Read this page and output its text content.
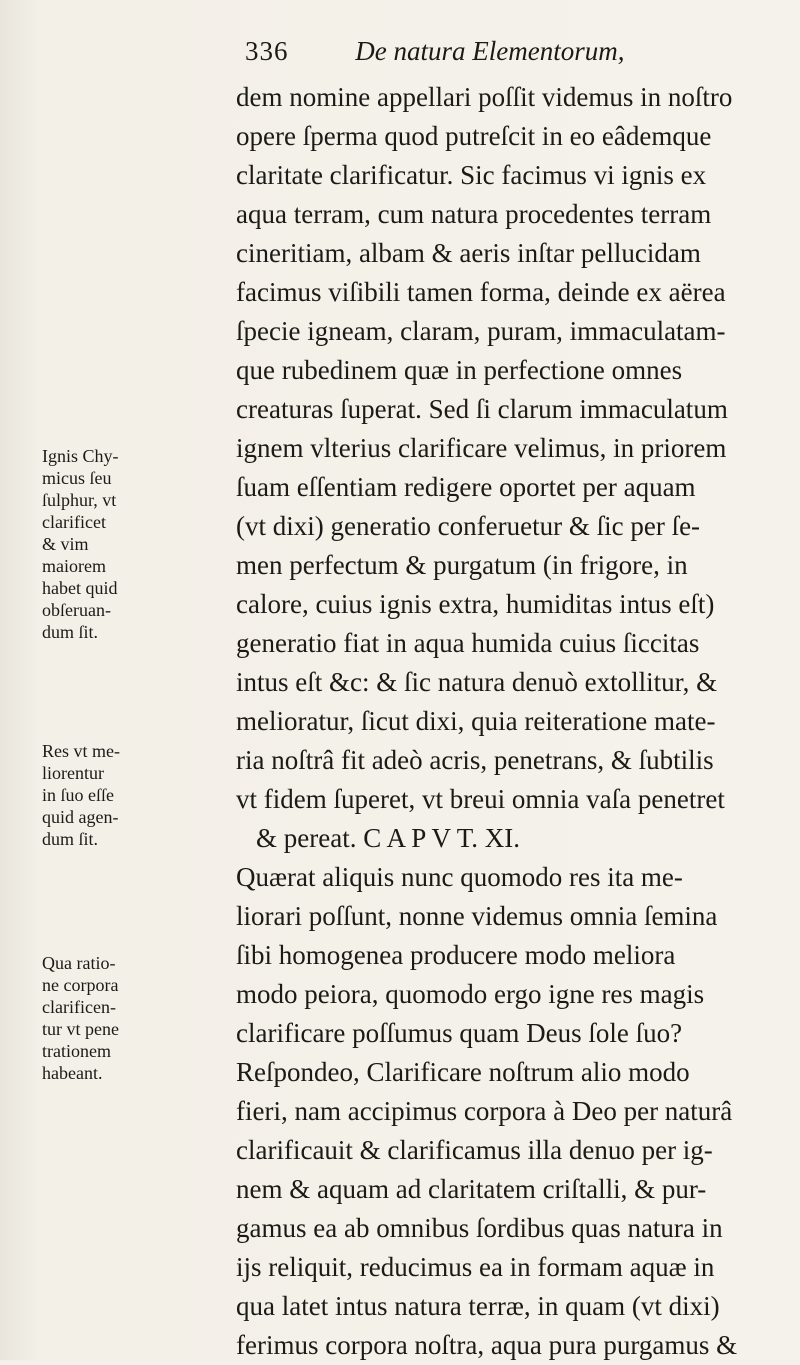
336 De natura Elementorum,
dem nomine appellari poſſit videmus in noſtro
opere ſperma quod putreſcit in eo eâdemque
claritate clarificatur. Sic facimus vi ignis ex
aqua terram, cum natura procedentes terram
cineritiam, albam & aeris inſtar pellucidam
facimus viſibili tamen forma, deinde ex aërea
ſpecie igneam, claram, puram, immaculatam-
que rubedinem quæ in perfectione omnes
creaturas ſuperat. Sed ſi clarum immaculatum
ignem vlterius clarificare velimus, in priorem
ſuam eſſentiam redigere oportet per aquam
(vt dixi) generatio conferuetur & ſic per ſe-
men perfectum & purgatum (in frigore, in
calore, cuius ignis extra, humiditas intus eſt)
generatio fiat in aqua humida cuius ſiccitas
intus eſt &c: & ſic natura denuò extollitur, &
melioratur, ſicut dixi, quia reiteratione mate-
ria noſtrâ fit adeò acris, penetrans, & ſubtilis
vt fidem ſuperet, vt breui omnia vaſa penetret
& pereat. C A P V T. XI.
Quærat aliquis nunc quomodo res ita me-
liorari poſſunt, nonne videmus omnia ſemina
ſibi homogenea producere modo meliora
modo peiora, quomodo ergo igne res magis
clarificare poſſumus quam Deus ſole ſuo?
Reſpondeo, Clarificare noſtrum alio modo
fieri, nam accipimus corpora à Deo per naturâ
clarificauit & clarificamus illa denuo per ig-
nem & aquam ad claritatem criſtalli, & pur-
gamus ea ab omnibus ſordibus quas natura in
ijs reliquit, reducimus ea in formam aquæ in
qua latet intus natura terræ, in quam (vt dixi)
ferimus corpora noſtra, aqua pura purgamus &
Ignis Chy-
micus ſeu
ſulphur, vt
clarificet
& vim
maiorem
habet quid
obſeruan-
dum ſit.
Res vt me-
liorentur
in ſuo eſſe
quid agen-
dum ſit.
Qua ratio-
ne corpora
clarificen-
tur vt pene
trationem
habeant.
